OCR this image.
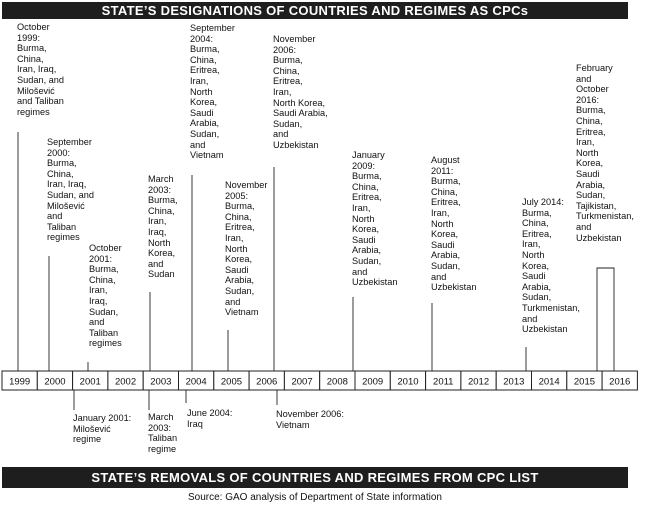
STATE’S DESIGNATIONS OF COUNTRIES AND REGIMES AS CPCs
1999 2000 2001 2002 2003 2004 2005 2006 2007 2008 2009 2010 2011 2012 2013 2014 2015 2016
October
1999:
Burma,
China,
Iran, Iraq,
Sudan, and
Milošević
and Taliban
regimes
September
2000:
Burma,
China,
Iran, Iraq,
Sudan, and
Milošević
and
Taliban
regimes
October
2001:
Burma,
China,
Iran,
Iraq,
Sudan,
and
Taliban
regimes
March
2003:
Burma,
China,
Iran,
Iraq,
North
Korea,
and
Sudan
September
2004:
Burma,
China,
Eritrea,
Iran,
North
Korea,
Saudi
Arabia,
Sudan,
and
Vietnam
November
2005:
Burma,
China,
Eritrea,
Iran,
North
Korea,
Saudi
Arabia,
Sudan,
and
Vietnam
November
2006:
Burma,
China,
Eritrea,
Iran,
North Korea,
Saudi Arabia,
Sudan,
and
Uzbekistan
January
2009:
Burma,
China,
Eritrea,
Iran,
North
Korea,
Saudi
Arabia,
Sudan,
and
Uzbekistan
August
2011:
Burma,
China,
Eritrea,
Iran,
North
Korea,
Saudi
Arabia,
Sudan,
and
Uzbekistan
July 2014:
Burma,
China,
Eritrea,
Iran,
North
Korea,
Saudi
Arabia,
Sudan,
Turkmenistan,
and
Uzbekistan
February
and
October
2016:
Burma,
China,
Eritrea,
Iran,
North
Korea,
Saudi
Arabia,
Sudan,
Tajikistan,
Turkmenistan,
and
Uzbekistan
January 2001:
Milošević
regime
March
2003:
Taliban
regime
June 2004:
Iraq
November 2006:
Vietnam
STATE’S REMOVALS OF COUNTRIES AND REGIMES FROM CPC LIST
Source: GAO analysis of Department of State information
